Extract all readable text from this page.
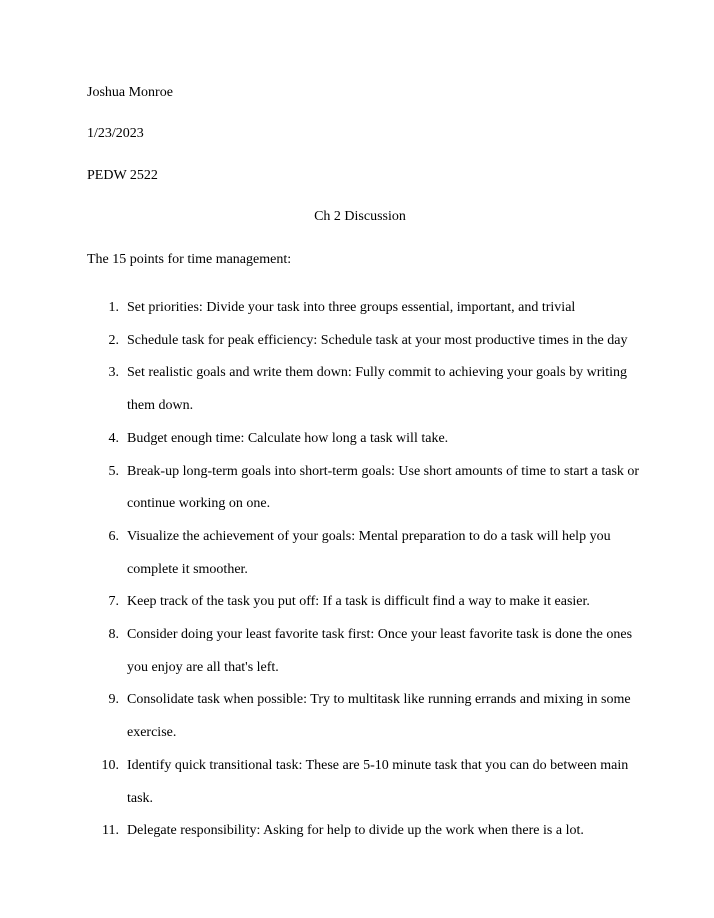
Joshua Monroe
1/23/2023
PEDW 2522
Ch 2 Discussion
The 15 points for time management:
1. Set priorities: Divide your task into three groups essential, important, and trivial
2. Schedule task for peak efficiency: Schedule task at your most productive times in the day
3. Set realistic goals and write them down: Fully commit to achieving your goals by writing them down.
4. Budget enough time: Calculate how long a task will take.
5. Break-up long-term goals into short-term goals: Use short amounts of time to start a task or continue working on one.
6. Visualize the achievement of your goals: Mental preparation to do a task will help you complete it smoother.
7. Keep track of the task you put off: If a task is difficult find a way to make it easier.
8. Consider doing your least favorite task first: Once your least favorite task is done the ones you enjoy are all that's left.
9. Consolidate task when possible: Try to multitask like running errands and mixing in some exercise.
10. Identify quick transitional task: These are 5-10 minute task that you can do between main task.
11. Delegate responsibility: Asking for help to divide up the work when there is a lot.
